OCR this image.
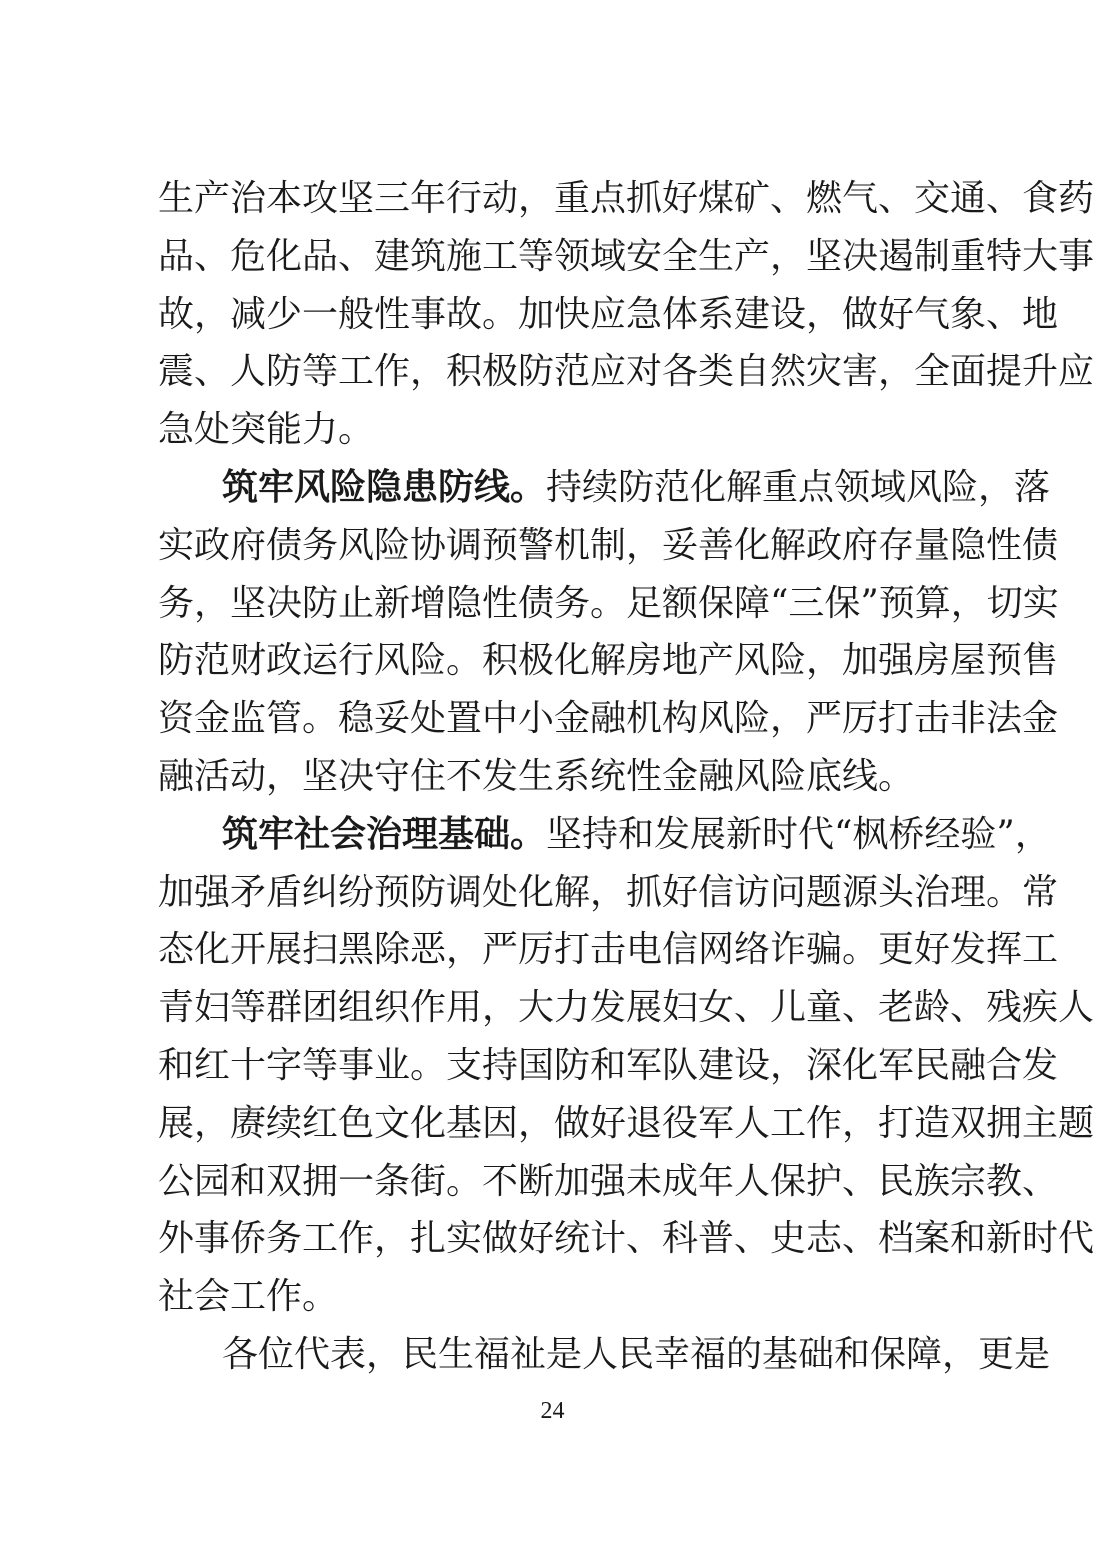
生产治本攻坚三年行动，重点抓好煤矿、燃气、交通、食药
品、危化品、建筑施工等领域安全生产，坚决遏制重特大事
故，减少一般性事故。加快应急体系建设，做好气象、地
震、人防等工作，积极防范应对各类自然灾害，全面提升应
急处突能力。
筑牢风险隐患防线。持续防范化解重点领域风险，落
实政府债务风险协调预警机制，妥善化解政府存量隐性债
务，坚决防止新增隐性债务。足额保障“三保”预算，切实
防范财政运行风险。积极化解房地产风险，加强房屋预售
资金监管。稳妥处置中小金融机构风险，严厉打击非法金
融活动，坚决守住不发生系统性金融风险底线。
筑牢社会治理基础。坚持和发展新时代“枫桥经验”，
加强矛盾纠纷预防调处化解，抓好信访问题源头治理。常
态化开展扫黑除恶，严厉打击电信网络诈骗。更好发挥工
青妇等群团组织作用，大力发展妇女、儿童、老龄、残疾人
和红十字等事业。支持国防和军队建设，深化军民融合发
展，赓续红色文化基因，做好退役军人工作，打造双拥主题
公园和双拥一条街。不断加强未成年人保护、民族宗教、
外事侨务工作，扎实做好统计、科普、史志、档案和新时代
社会工作。
各位代表，民生福祉是人民幸福的基础和保障，更是
24
